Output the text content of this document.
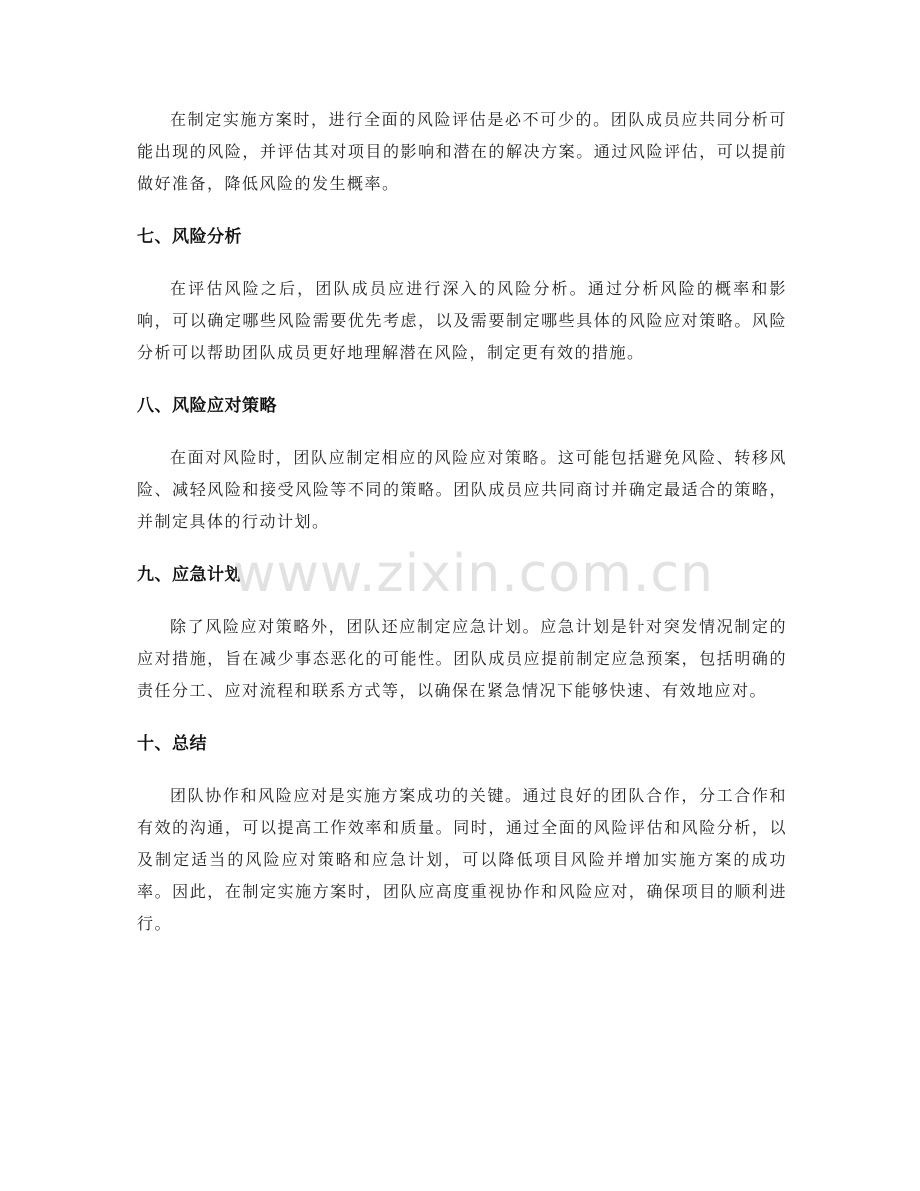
在制定实施方案时，进行全面的风险评估是必不可少的。团队成员应共同分析可能出现的风险，并评估其对项目的影响和潜在的解决方案。通过风险评估，可以提前做好准备，降低风险的发生概率。

七、风险分析

在评估风险之后，团队成员应进行深入的风险分析。通过分析风险的概率和影响，可以确定哪些风险需要优先考虑，以及需要制定哪些具体的风险应对策略。风险分析可以帮助团队成员更好地理解潜在风险，制定更有效的措施。

八、风险应对策略

在面对风险时，团队应制定相应的风险应对策略。这可能包括避免风险、转移风险、减轻风险和接受风险等不同的策略。团队成员应共同商讨并确定最适合的策略，并制定具体的行动计划。

九、应急计划

除了风险应对策略外，团队还应制定应急计划。应急计划是针对突发情况制定的应对措施，旨在减少事态恶化的可能性。团队成员应提前制定应急预案，包括明确的责任分工、应对流程和联系方式等，以确保在紧急情况下能够快速、有效地应对。

十、总结

团队协作和风险应对是实施方案成功的关键。通过良好的团队合作，分工合作和有效的沟通，可以提高工作效率和质量。同时，通过全面的风险评估和风险分析，以及制定适当的风险应对策略和应急计划，可以降低项目风险并增加实施方案的成功率。因此，在制定实施方案时，团队应高度重视协作和风险应对，确保项目的顺利进行。

www.zixin.com.cn
